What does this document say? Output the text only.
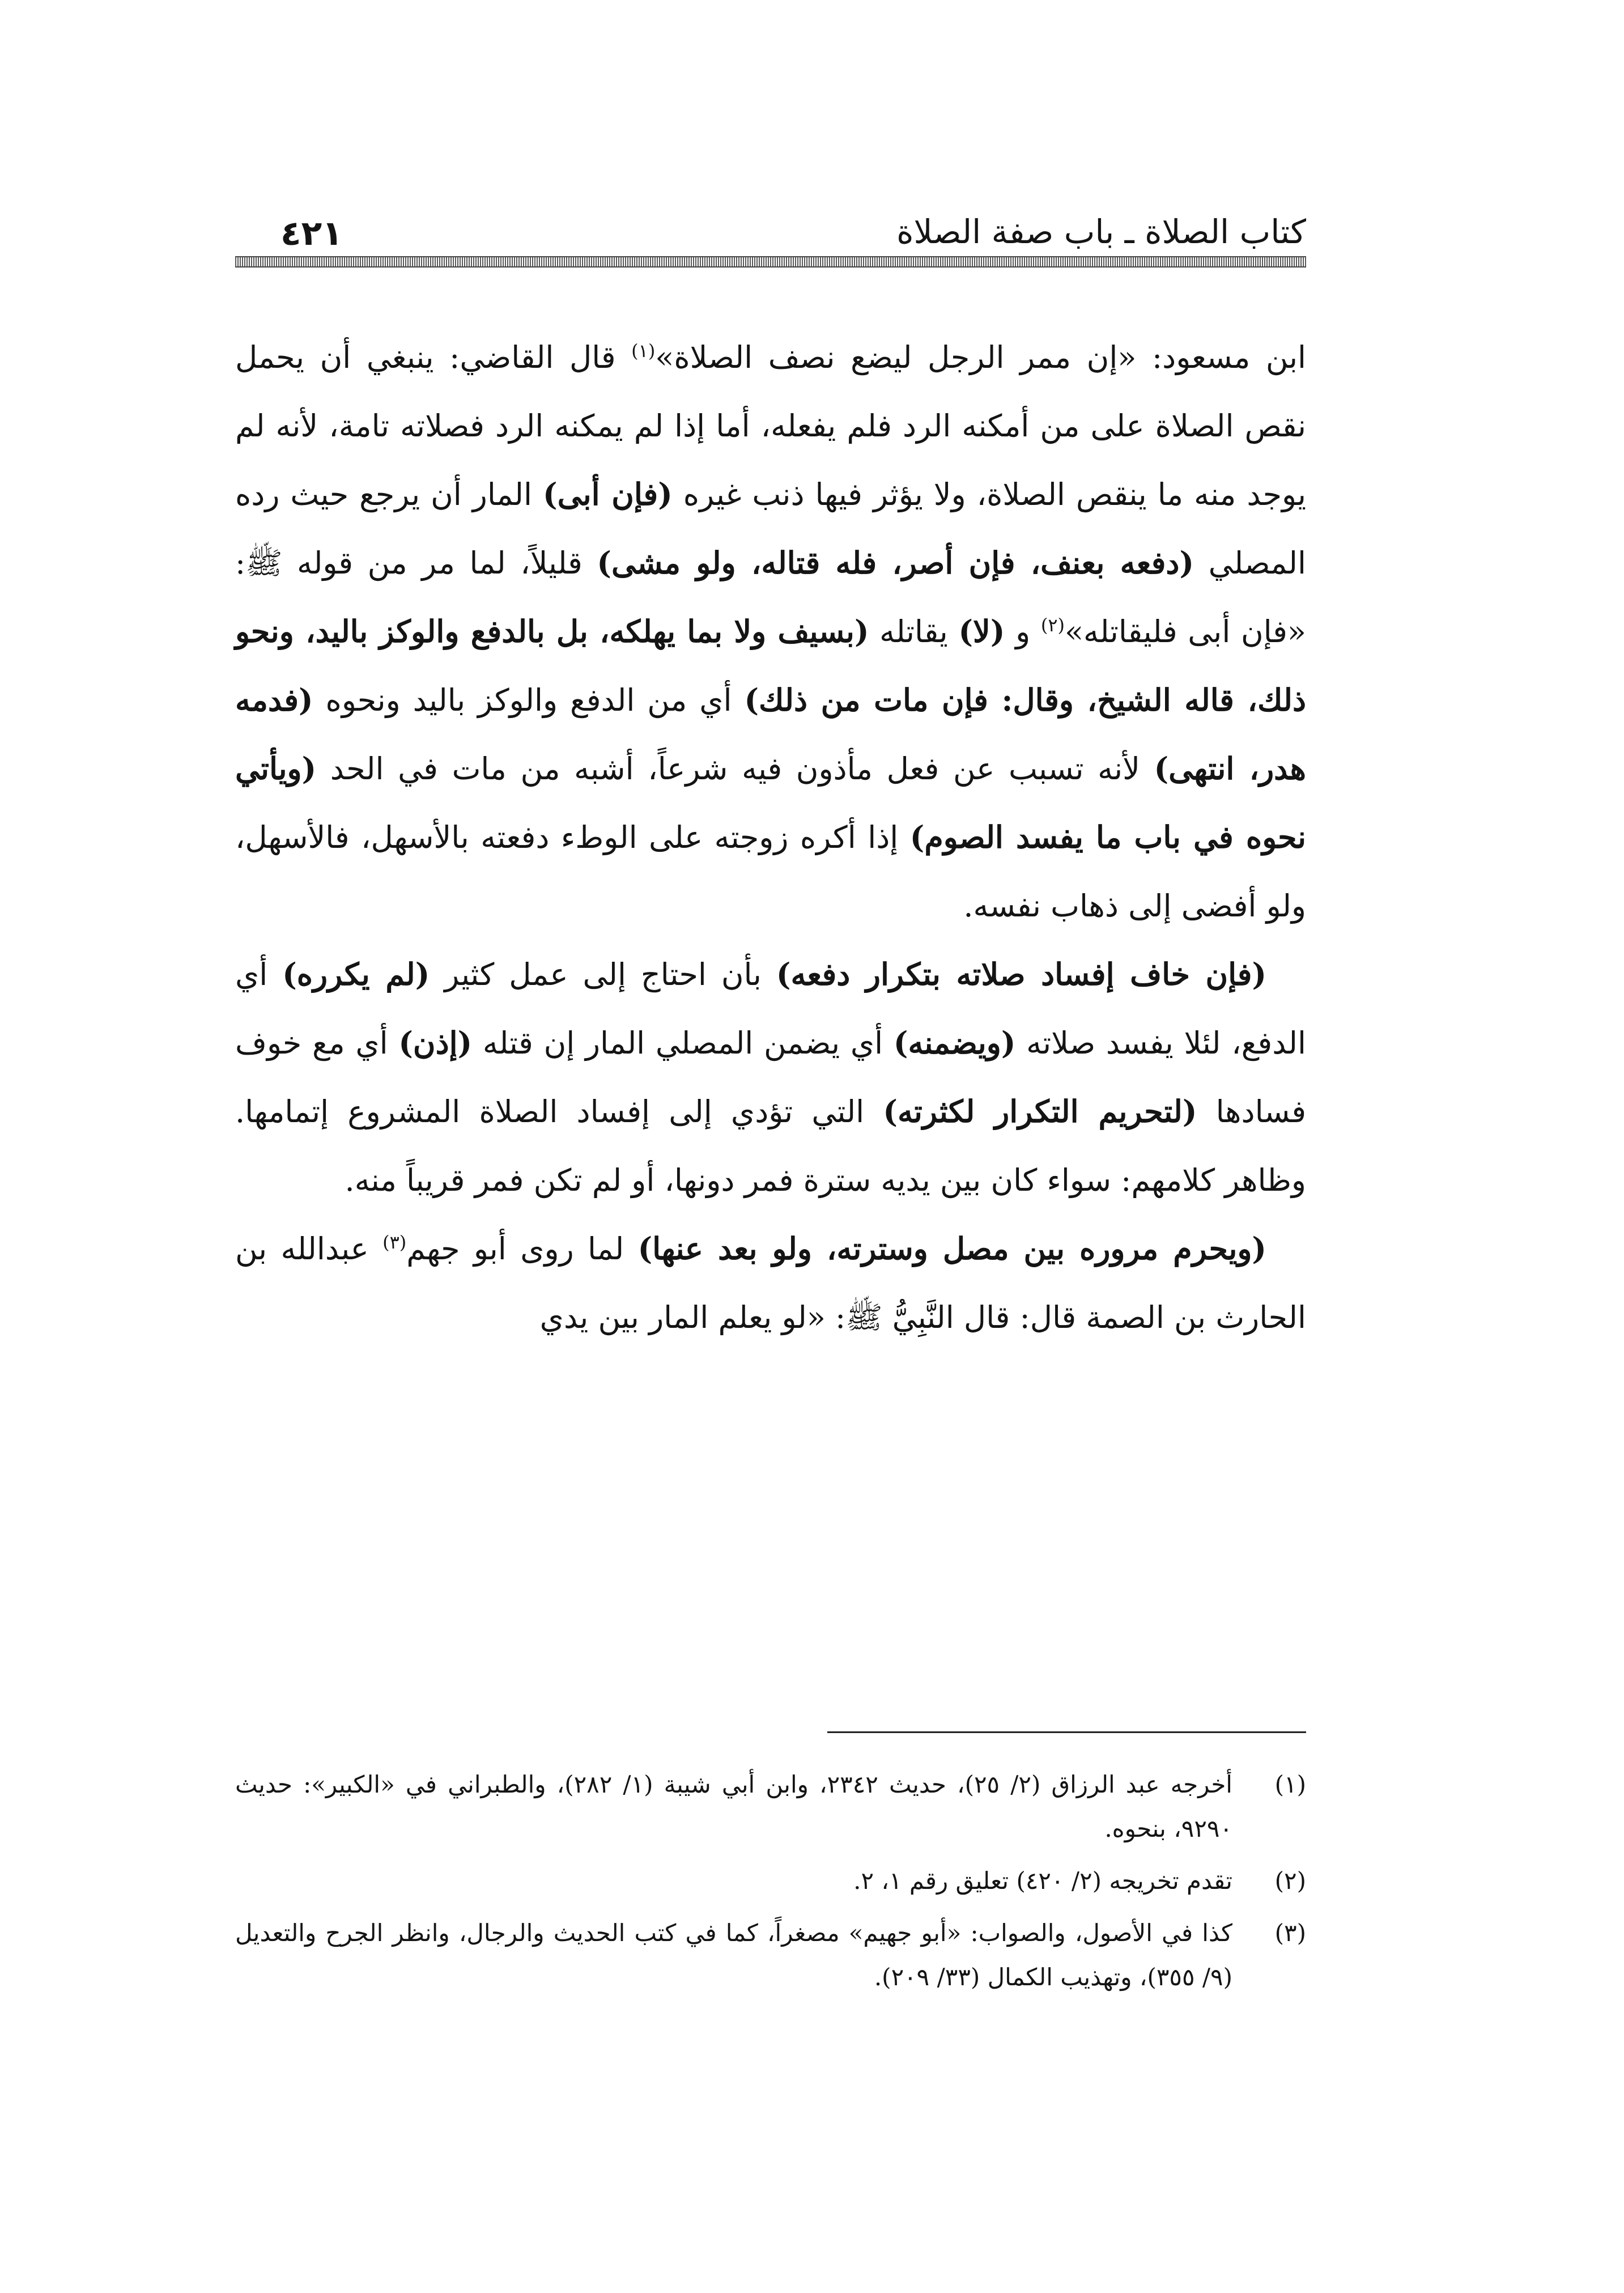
٤٢١	كتاب الصلاة ـ باب صفة الصلاة

ابن مسعود: «إن ممر الرجل ليضع نصف الصلاة»$^{(١)}$ قال القاضي: ينبغي أن يحمل نقص الصلاة على من أمكنه الرد فلم يفعله، أما إذا لم يمكنه الرد فصلاته تامة، لأنه لم يوجد منه ما ينقص الصلاة، ولا يؤثر فيها ذنب غيره (فإن أبى) المار أن يرجع حيث رده المصلي (دفعه بعنف، فإن أصر، فله قتاله، ولو مشى) قليلاً، لما مر من قوله ﷺ: «فإن أبى فليقاتله»$^{(٢)}$ و (لا) يقاتله (بسيف ولا بما يهلكه، بل بالدفع والوكز باليد، ونحو ذلك، قاله الشيخ، وقال: فإن مات من ذلك) أي من الدفع والوكز باليد ونحوه (فدمه هدر، انتهى) لأنه تسبب عن فعل مأذون فيه شرعاً، أشبه من مات في الحد (ويأتي نحوه في باب ما يفسد الصوم) إذا أكره زوجته على الوطء دفعته بالأسهل، فالأسهل، ولو أفضى إلى ذهاب نفسه.

(فإن خاف إفساد صلاته بتكرار دفعه) بأن احتاج إلى عمل كثير (لم يكرره) أي الدفع، لئلا يفسد صلاته (ويضمنه) أي يضمن المصلي المار إن قتله (إذن) أي مع خوف فسادها (لتحريم التكرار لكثرته) التي تؤدي إلى إفساد الصلاة المشروع إتمامها. وظاهر كلامهم: سواء كان بين يديه سترة فمر دونها، أو لم تكن فمر قريباً منه.

(ويحرم مروره بين مصل وسترته، ولو بعد عنها) لما روى أبو جهم$^{(٣)}$ عبدالله بن الحارث بن الصمة قال: قال النَّبِيُّ ﷺ: «لو يعلم المار بين يدي

(١)
أخرجه عبد الرزاق (٢/ ٢٥)، حديث ٢٣٤٢، وابن أبي شيبة (١/ ٢٨٢)، والطبراني في «الكبير»: حديث ٩٢٩٠، بنحوه.

(٢)
تقدم تخريجه (٢/ ٤٢٠) تعليق رقم ١، ٢.

(٣)
كذا في الأصول، والصواب: «أبو جهيم» مصغراً، كما في كتب الحديث والرجال، وانظر الجرح والتعديل (٩/ ٣٥٥)، وتهذيب الكمال (٣٣/ ٢٠٩).
